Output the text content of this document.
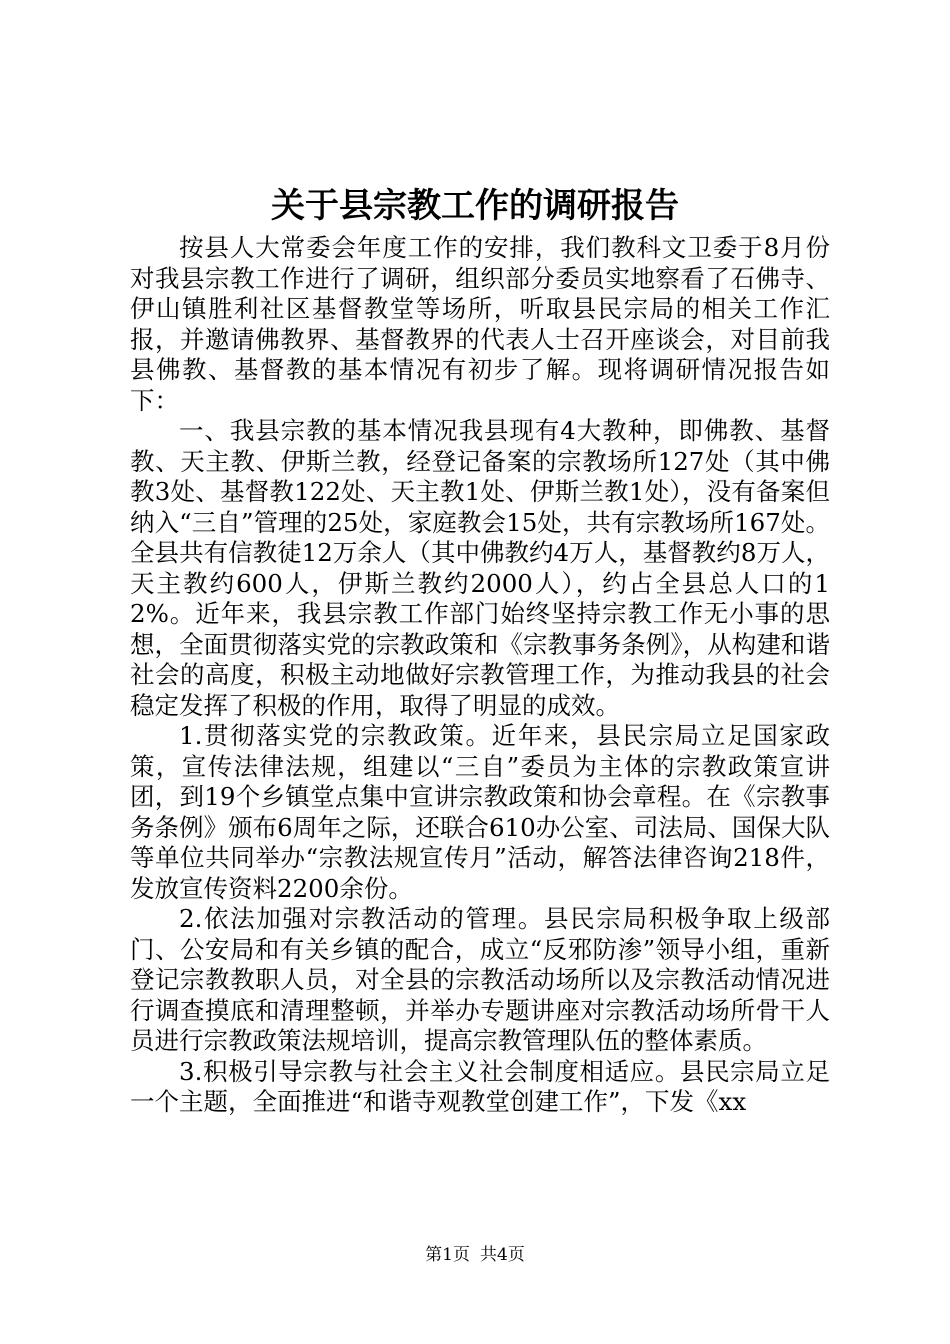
关于县宗教工作的调研报告

按县人大常委会年度工作的安排，我们教科文卫委于8月份对我县宗教工作进行了调研，组织部分委员实地察看了石佛寺、伊山镇胜利社区基督教堂等场所，听取县民宗局的相关工作汇报，并邀请佛教界、基督教界的代表人士召开座谈会，对目前我县佛教、基督教的基本情况有初步了解。现将调研情况报告如下：

一、我县宗教的基本情况我县现有4大教种，即佛教、基督教、天主教、伊斯兰教，经登记备案的宗教场所127处（其中佛教3处、基督教122处、天主教1处、伊斯兰教1处），没有备案但纳入“三自”管理的25处，家庭教会15处，共有宗教场所167处。全县共有信教徒12万余人（其中佛教约4万人，基督教约8万人，天主教约600人，伊斯兰教约2000人），约占全县总人口的12%。近年来，我县宗教工作部门始终坚持宗教工作无小事的思想，全面贯彻落实党的宗教政策和《宗教事务条例》，从构建和谐社会的高度，积极主动地做好宗教管理工作，为推动我县的社会稳定发挥了积极的作用，取得了明显的成效。

1.贯彻落实党的宗教政策。近年来，县民宗局立足国家政策，宣传法律法规，组建以“三自”委员为主体的宗教政策宣讲团，到19个乡镇堂点集中宣讲宗教政策和协会章程。在《宗教事务条例》颁布6周年之际，还联合610办公室、司法局、国保大队等单位共同举办“宗教法规宣传月”活动，解答法律咨询218件，发放宣传资料2200余份。

2.依法加强对宗教活动的管理。县民宗局积极争取上级部门、公安局和有关乡镇的配合，成立“反邪防渗”领导小组，重新登记宗教教职人员，对全县的宗教活动场所以及宗教活动情况进行调查摸底和清理整顿，并举办专题讲座对宗教活动场所骨干人员进行宗教政策法规培训，提高宗教管理队伍的整体素质。

3.积极引导宗教与社会主义社会制度相适应。县民宗局立足一个主题，全面推进“和谐寺观教堂创建工作”，下发《xx

第1页 共4页
